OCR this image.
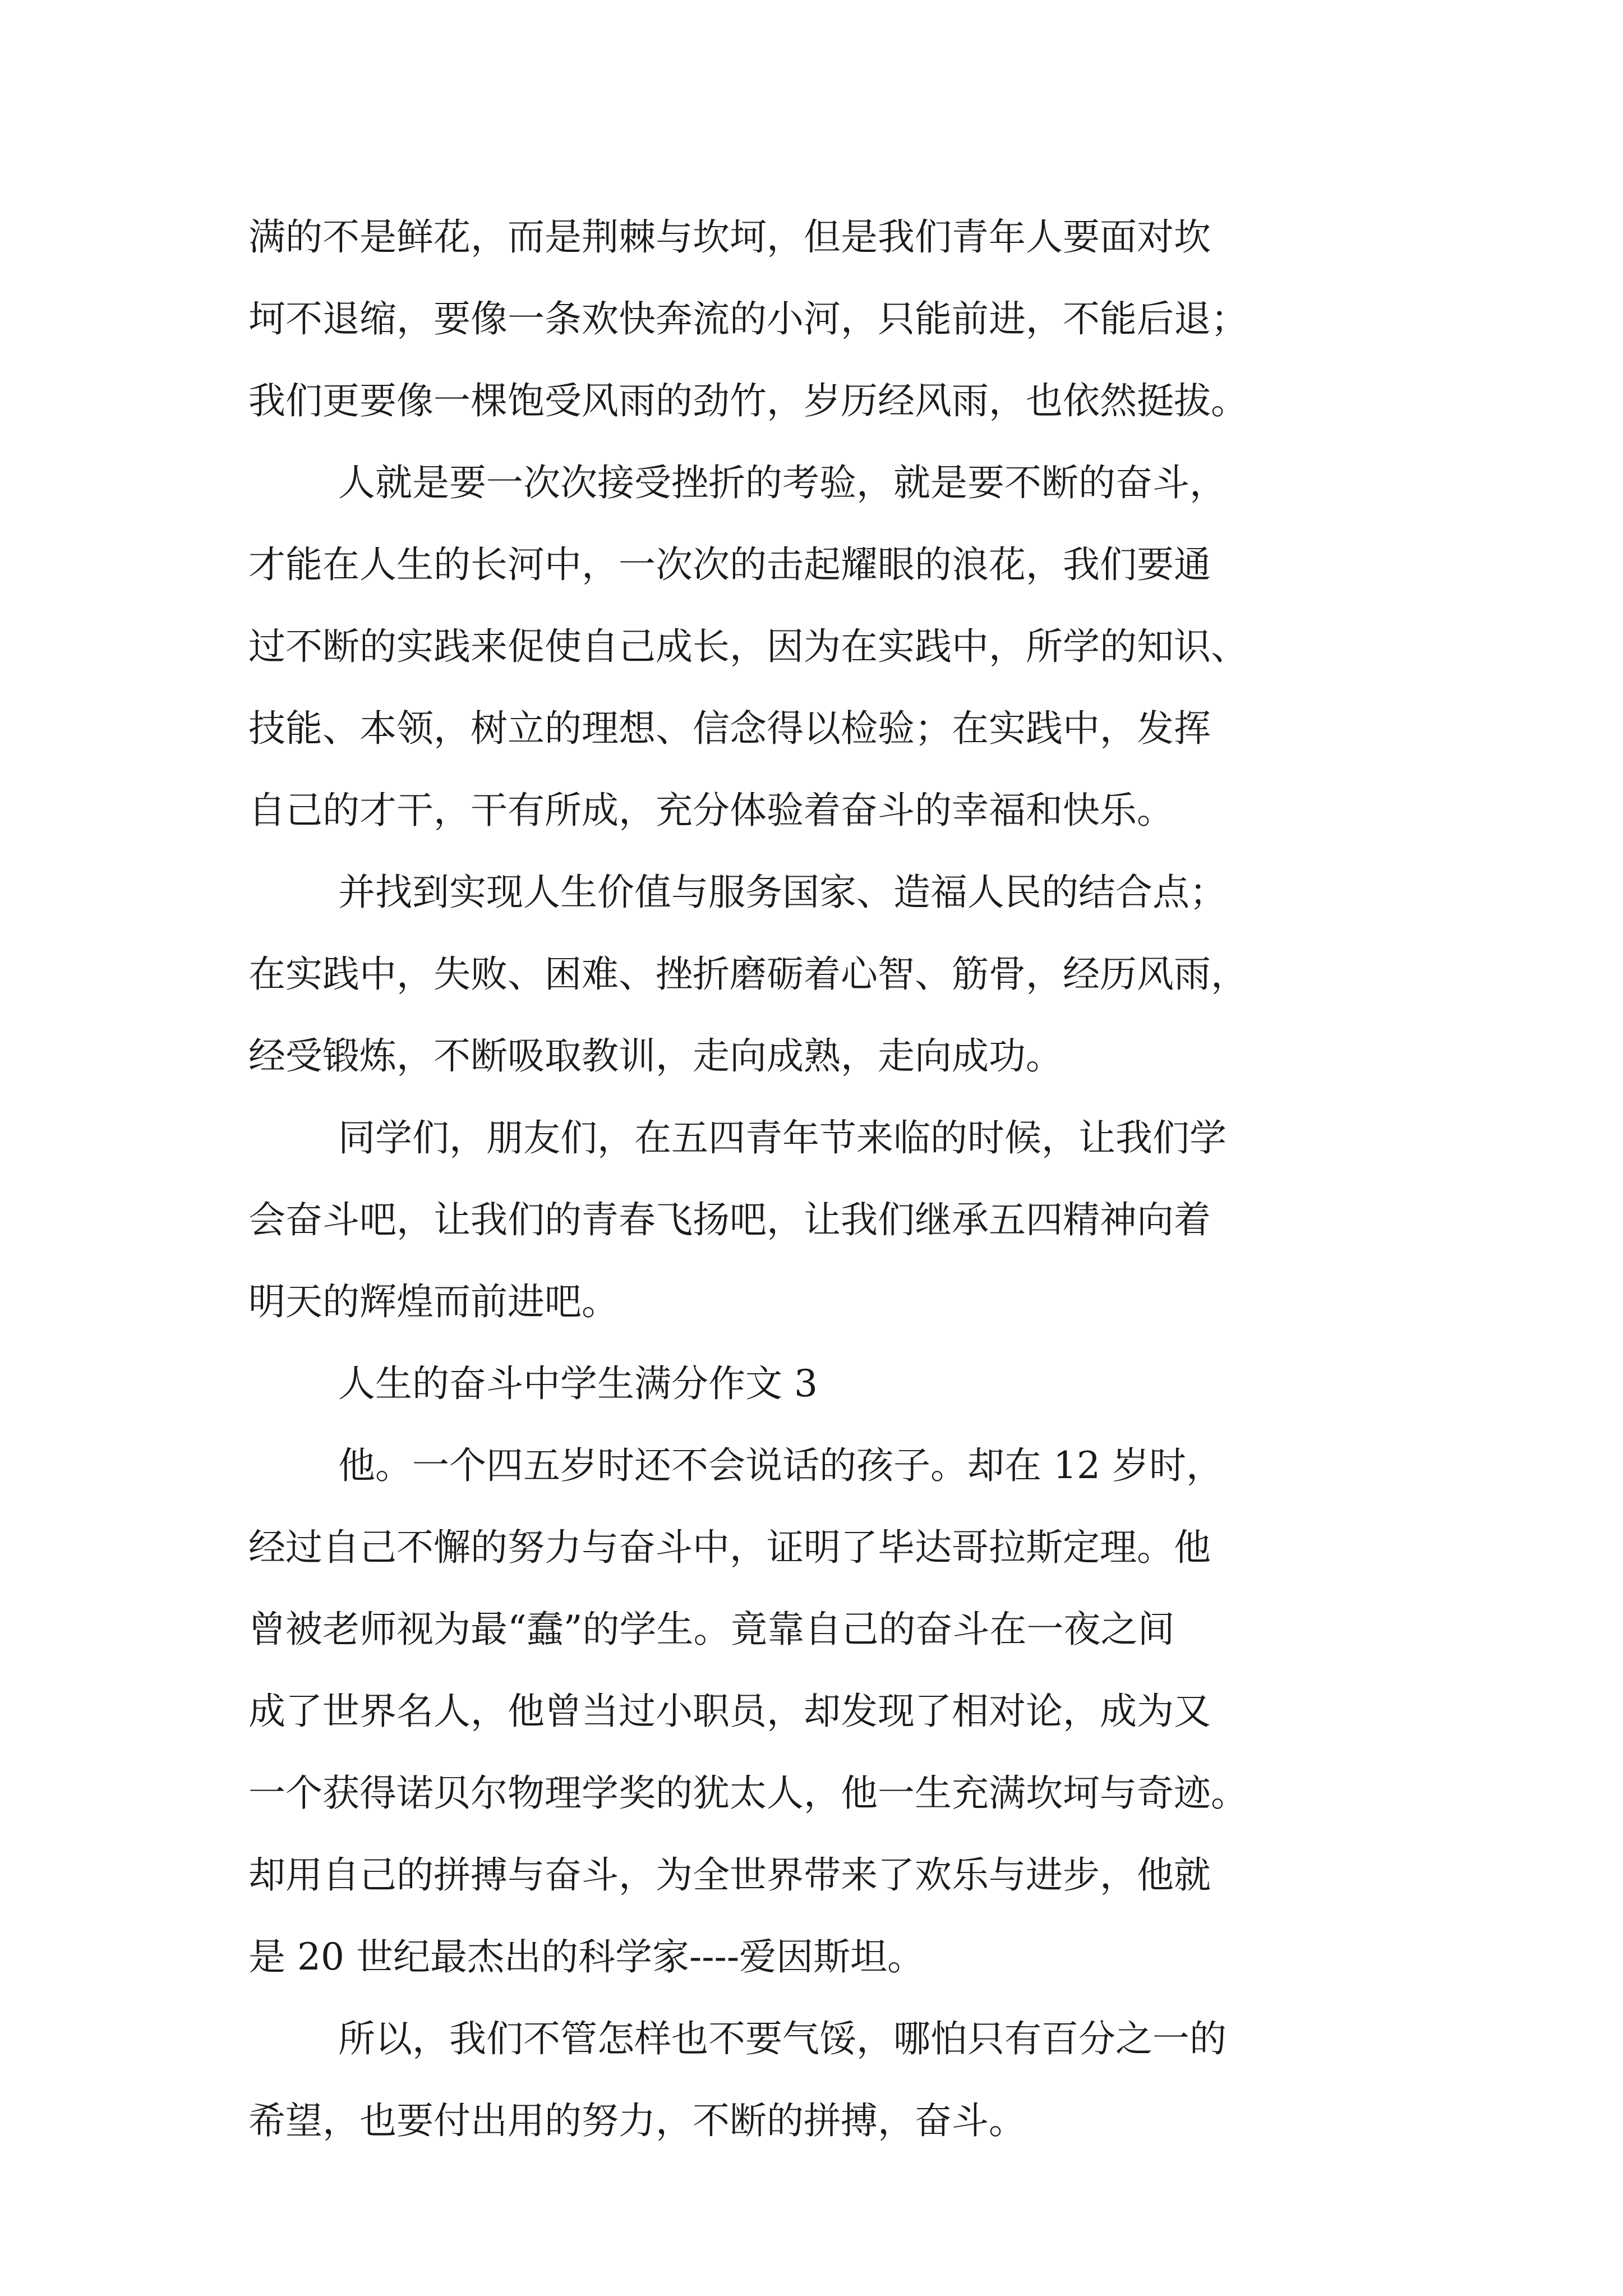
满的不是鲜花，而是荆棘与坎坷，但是我们青年人要面对坎
坷不退缩，要像一条欢快奔流的小河，只能前进，不能后退；
我们更要像一棵饱受风雨的劲竹，岁历经风雨，也依然挺拔。
人就是要一次次接受挫折的考验，就是要不断的奋斗，
才能在人生的长河中，一次次的击起耀眼的浪花，我们要通
过不断的实践来促使自己成长，因为在实践中，所学的知识、
技能、本领，树立的理想、信念得以检验；在实践中，发挥
自己的才干，干有所成，充分体验着奋斗的幸福和快乐。
并找到实现人生价值与服务国家、造福人民的结合点；
在实践中，失败、困难、挫折磨砺着心智、筋骨，经历风雨，
经受锻炼，不断吸取教训，走向成熟，走向成功。
同学们，朋友们，在五四青年节来临的时候，让我们学
会奋斗吧，让我们的青春飞扬吧，让我们继承五四精神向着
明天的辉煌而前进吧。
人生的奋斗中学生满分作文 3
他。一个四五岁时还不会说话的孩子。却在 12 岁时，
经过自己不懈的努力与奋斗中，证明了毕达哥拉斯定理。他
曾被老师视为最“蠢”的学生。竟靠自己的奋斗在一夜之间
成了世界名人，他曾当过小职员，却发现了相对论，成为又
一个获得诺贝尔物理学奖的犹太人，他一生充满坎坷与奇迹。
却用自己的拼搏与奋斗，为全世界带来了欢乐与进步，他就
是 20 世纪最杰出的科学家----爱因斯坦。
所以，我们不管怎样也不要气馁，哪怕只有百分之一的
希望，也要付出用的努力，不断的拼搏，奋斗。
